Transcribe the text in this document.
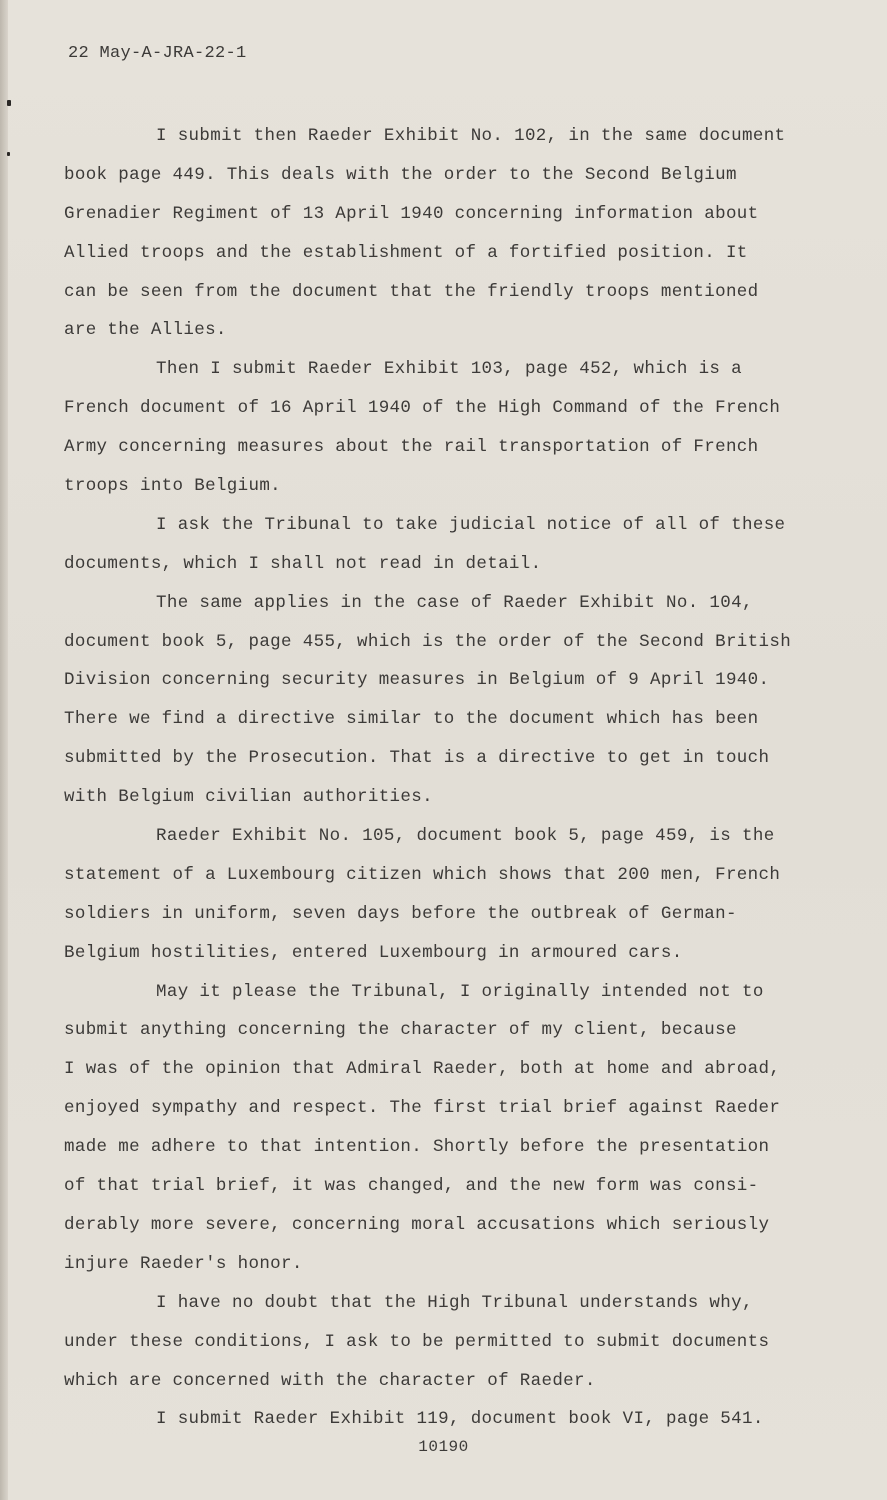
22 May-A-JRA-22-1
I submit then Raeder Exhibit No. 102, in the same document
book page 449. This deals with the order to the Second Belgium
Grenadier Regiment of 13 April 1940 concerning information about
Allied troops and the establishment of a fortified position. It
can be seen from the document that the friendly troops mentioned
are the Allies.
Then I submit Raeder Exhibit 103, page 452, which is a
French document of 16 April 1940 of the High Command of the French
Army concerning measures about the rail transportation of French
troops into Belgium.
I ask the Tribunal to take judicial notice of all of these
documents, which I shall not read in detail.
The same applies in the case of Raeder Exhibit No. 104,
document book 5, page 455, which is the order of the Second British
Division concerning security measures in Belgium of 9 April 1940.
There we find a directive similar to the document which has been
submitted by the Prosecution. That is a directive to get in touch
with Belgium civilian authorities.
Raeder Exhibit No. 105, document book 5, page 459, is the
statement of a Luxembourg citizen which shows that 200 men, French
soldiers in uniform, seven days before the outbreak of German-
Belgium hostilities, entered Luxembourg in armoured cars.
May it please the Tribunal, I originally intended not to
submit anything concerning the character of my client, because
I was of the opinion that Admiral Raeder, both at home and abroad,
enjoyed sympathy and respect. The first trial brief against Raeder
made me adhere to that intention. Shortly before the presentation
of that trial brief, it was changed, and the new form was consi-
derably more severe, concerning moral accusations which seriously
injure Raeder's honor.
I have no doubt that the High Tribunal understands why,
under these conditions, I ask to be permitted to submit documents
which are concerned with the character of Raeder.
I submit Raeder Exhibit 119, document book VI, page 541.
10190
